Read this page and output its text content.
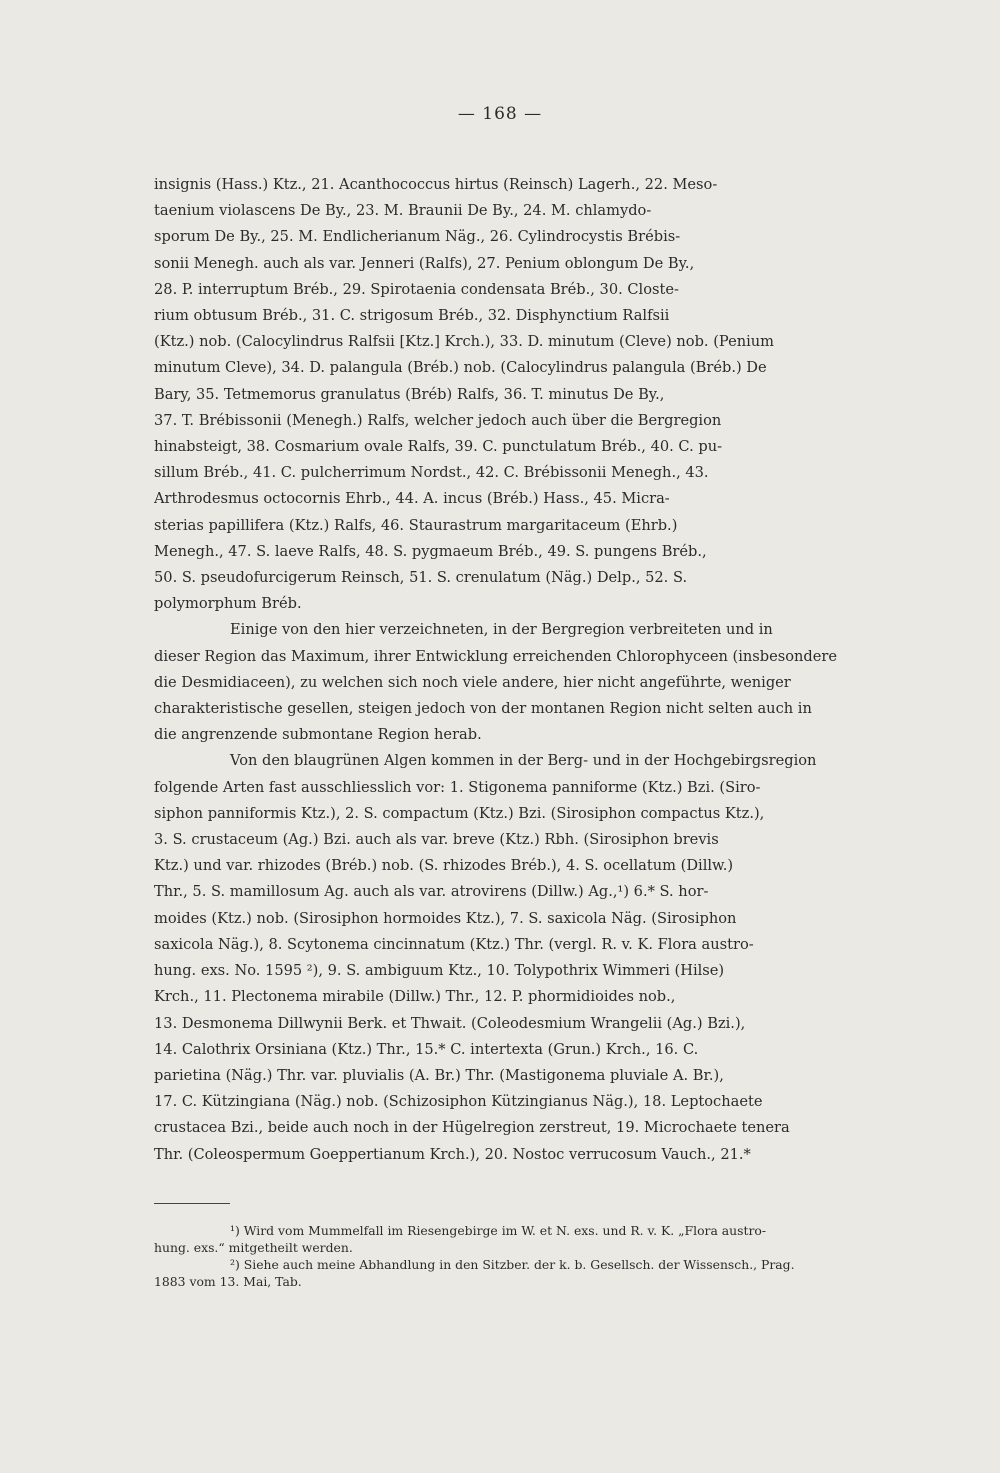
— 168 —
insignis (Hass.) Ktz., 21. Acanthococcus hirtus (Reinsch) Lagerh., 22. Meso-
taenium violascens De By., 23. M. Braunii De By., 24. M. chlamydo-
sporum De By., 25. M. Endlicherianum Näg., 26. Cylindrocystis Brébis-
sonii Menegh. auch als var. Jenneri (Ralfs), 27. Penium oblongum De By.,
28. P. interruptum Bréb., 29. Spirotaenia condensata Bréb., 30. Closte-
rium obtusum Bréb., 31. C. strigosum Bréb., 32. Disphynctium Ralfsii
(Ktz.) nob. (Calocylindrus Ralfsii [Ktz.] Krch.), 33. D. minutum (Cleve) nob. (Penium
minutum Cleve), 34. D. palangula (Bréb.) nob. (Calocylindrus palangula (Bréb.) De
Bary, 35. Tetmemorus granulatus (Bréb) Ralfs, 36. T. minutus De By.,
37. T. Brébissonii (Menegh.) Ralfs, welcher jedoch auch über die Bergregion
hinabsteigt, 38. Cosmarium ovale Ralfs, 39. C. punctulatum Bréb., 40. C. pu-
sillum Bréb., 41. C. pulcherrimum Nordst., 42. C. Brébissonii Menegh., 43.
Arthrodesmus octocornis Ehrb., 44. A. incus (Bréb.) Hass., 45. Micra-
sterias papillifera (Ktz.) Ralfs, 46. Staurastrum margaritaceum (Ehrb.)
Menegh., 47. S. laeve Ralfs, 48. S. pygmaeum Bréb., 49. S. pungens Bréb.,
50. S. pseudofurcigerum Reinsch, 51. S. crenulatum (Näg.) Delp., 52. S.
polymorphum Bréb.
Einige von den hier verzeichneten, in der Bergregion verbreiteten und in
dieser Region das Maximum, ihrer Entwicklung erreichenden Chlorophyceen (insbesondere
die Desmidiaceen), zu welchen sich noch viele andere, hier nicht angeführte, weniger
charakteristische gesellen, steigen jedoch von der montanen Region nicht selten auch in
die angrenzende submontane Region herab.
Von den blaugrünen Algen kommen in der Berg- und in der Hochgebirgsregion
folgende Arten fast ausschliesslich vor: 1. Stigonema panniforme (Ktz.) Bzi. (Siro-
siphon panniformis Ktz.), 2. S. compactum (Ktz.) Bzi. (Sirosiphon compactus Ktz.),
3. S. crustaceum (Ag.) Bzi. auch als var. breve (Ktz.) Rbh. (Sirosiphon brevis
Ktz.) und var. rhizodes (Bréb.) nob. (S. rhizodes Bréb.), 4. S. ocellatum (Dillw.)
Thr., 5. S. mamillosum Ag. auch als var. atrovirens (Dillw.) Ag.,¹) 6.* S. hor-
moides (Ktz.) nob. (Sirosiphon hormoides Ktz.), 7. S. saxicola Näg. (Sirosiphon
saxicola Näg.), 8. Scytonema cincinnatum (Ktz.) Thr. (vergl. R. v. K. Flora austro-
hung. exs. No. 1595 ²), 9. S. ambiguum Ktz., 10. Tolypothrix Wimmeri (Hilse)
Krch., 11. Plectonema mirabile (Dillw.) Thr., 12. P. phormidioides nob.,
13. Desmonema Dillwynii Berk. et Thwait. (Coleodesmium Wrangelii (Ag.) Bzi.),
14. Calothrix Orsiniana (Ktz.) Thr., 15.* C. intertexta (Grun.) Krch., 16. C.
parietina (Näg.) Thr. var. pluvialis (A. Br.) Thr. (Mastigonema pluviale A. Br.),
17. C. Kützingiana (Näg.) nob. (Schizosiphon Kützingianus Näg.), 18. Leptochaete
crustacea Bzi., beide auch noch in der Hügelregion zerstreut, 19. Microchaete tenera
Thr. (Coleospermum Goeppertianum Krch.), 20. Nostoc verrucosum Vauch., 21.*
¹) Wird vom Mummelfall im Riesengebirge im W. et N. exs. und R. v. K. „Flora austro-
hung. exs.“ mitgetheilt werden.
²) Siehe auch meine Abhandlung in den Sitzber. der k. b. Gesellsch. der Wissensch., Prag.
1883 vom 13. Mai, Tab.
